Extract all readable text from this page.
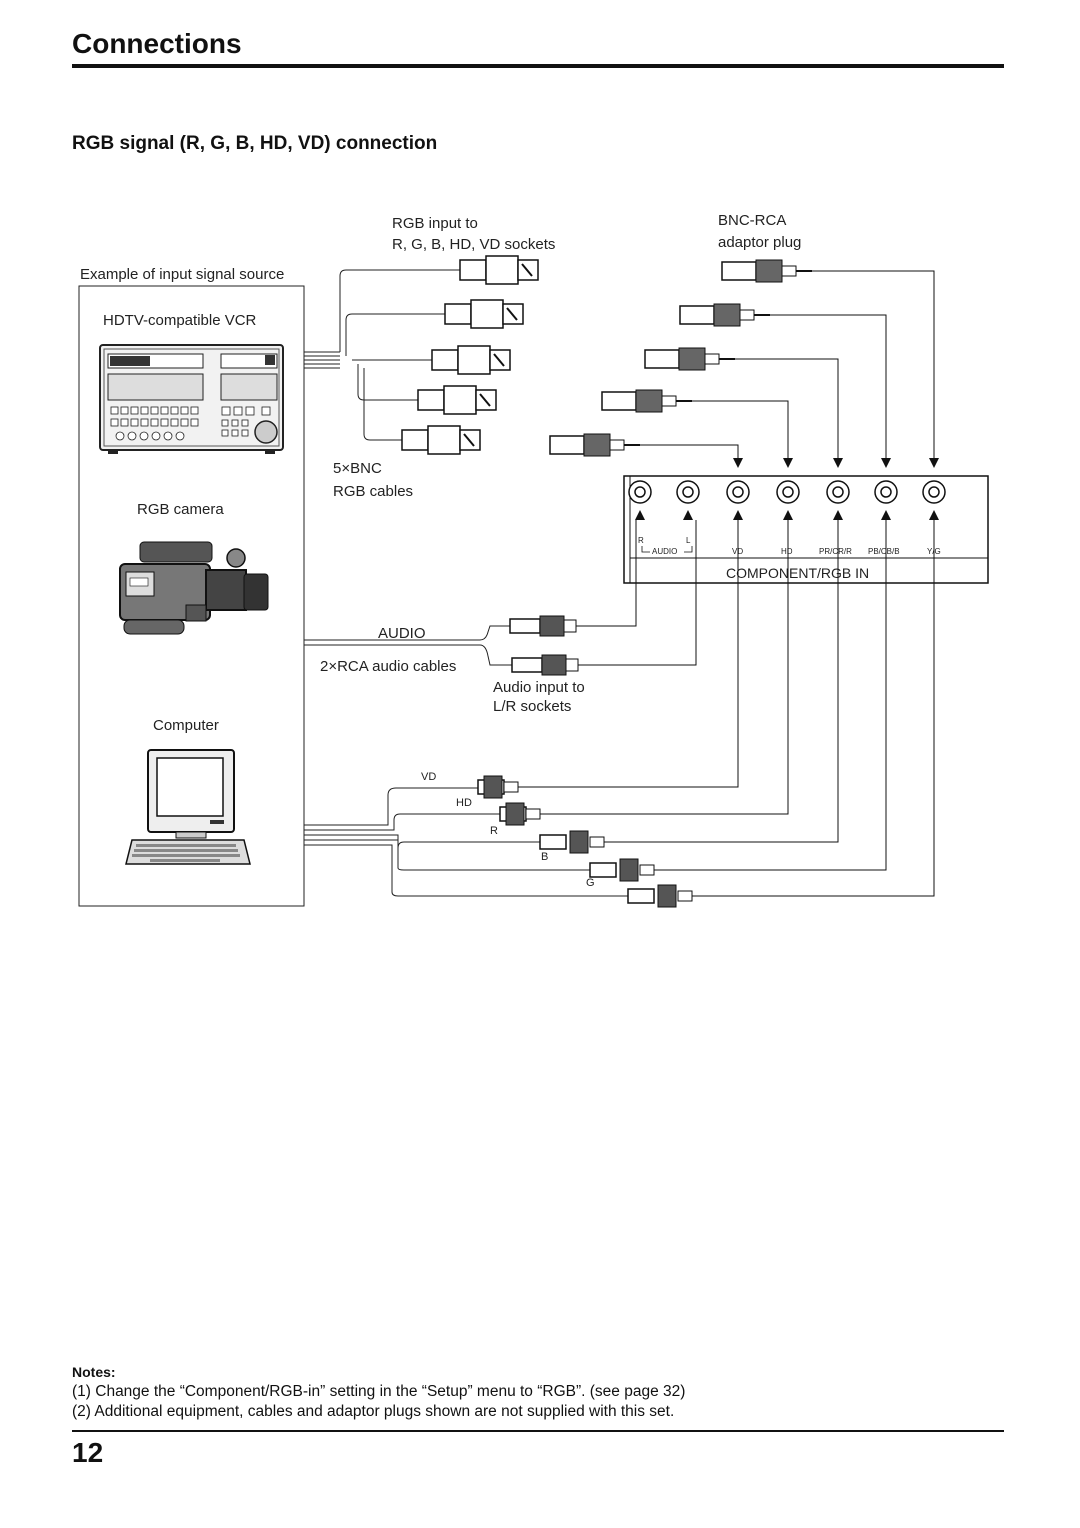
Connections
RGB signal (R, G, B, HD, VD) connection
RGB input to
R, G, B, HD, VD sockets
BNC-RCA
adaptor plug
Example of input signal source
HDTV-compatible VCR
RGB camera
Computer
5×BNC
RGB cables
R	L
AUDIO	VD	HD	PR/CR/R PB/CB/B	Y/G
COMPONENT/RGB IN
AUDIO
2×RCA audio cables
Audio input to
L/R sockets
VD
HD
R
B
G
Notes:
(1) Change the “Component/RGB-in” setting in the “Setup” menu to “RGB”. (see page 32)
(2) Additional equipment, cables and adaptor plugs shown are not supplied with this set.
12
